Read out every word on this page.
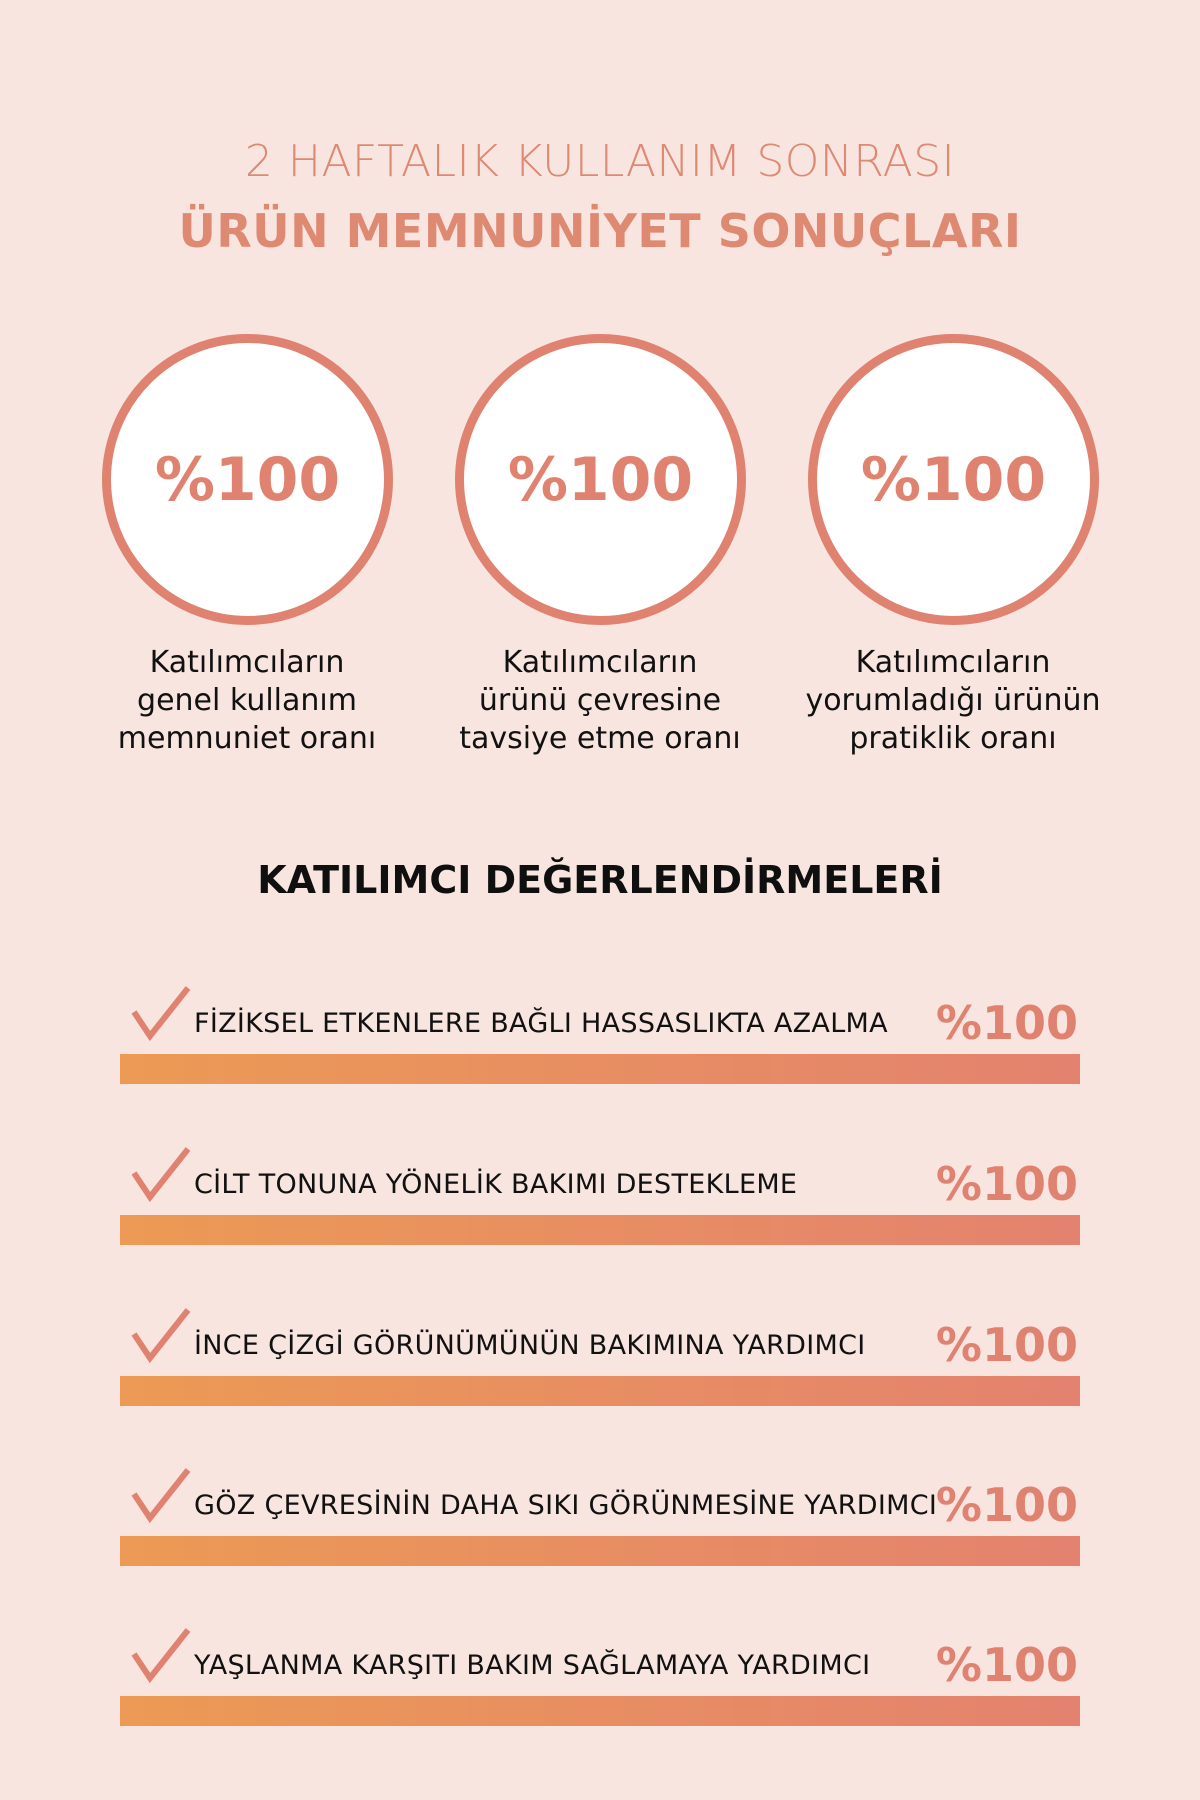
2 HAFTALIK KULLANIM SONRASI
ÜRÜN MEMNUNİYET SONUÇLARI
%100
Katılımcıların
genel kullanım
memnuniet oranı
%100
Katılımcıların
ürünü çevresine
tavsiye etme oranı
%100
Katılımcıların
yorumladığı ürünün
pratiklik oranı
KATILIMCI DEĞERLENDİRMELERİ
FİZİKSEL ETKENLERE BAĞLI HASSASLIKTA AZALMA %100
CİLT TONUNA YÖNELİK BAKIMI DESTEKLEME	%100
İNCE ÇİZGİ GÖRÜNÜMÜNÜN BAKIMINA YARDIMCI %100
GÖZ ÇEVRESİNİN DAHA SIKI GÖRÜNMESİNE YARDIMCI
%100
YAŞLANMA KARŞITI BAKIM SAĞLAMAYA YARDIMCI %100
